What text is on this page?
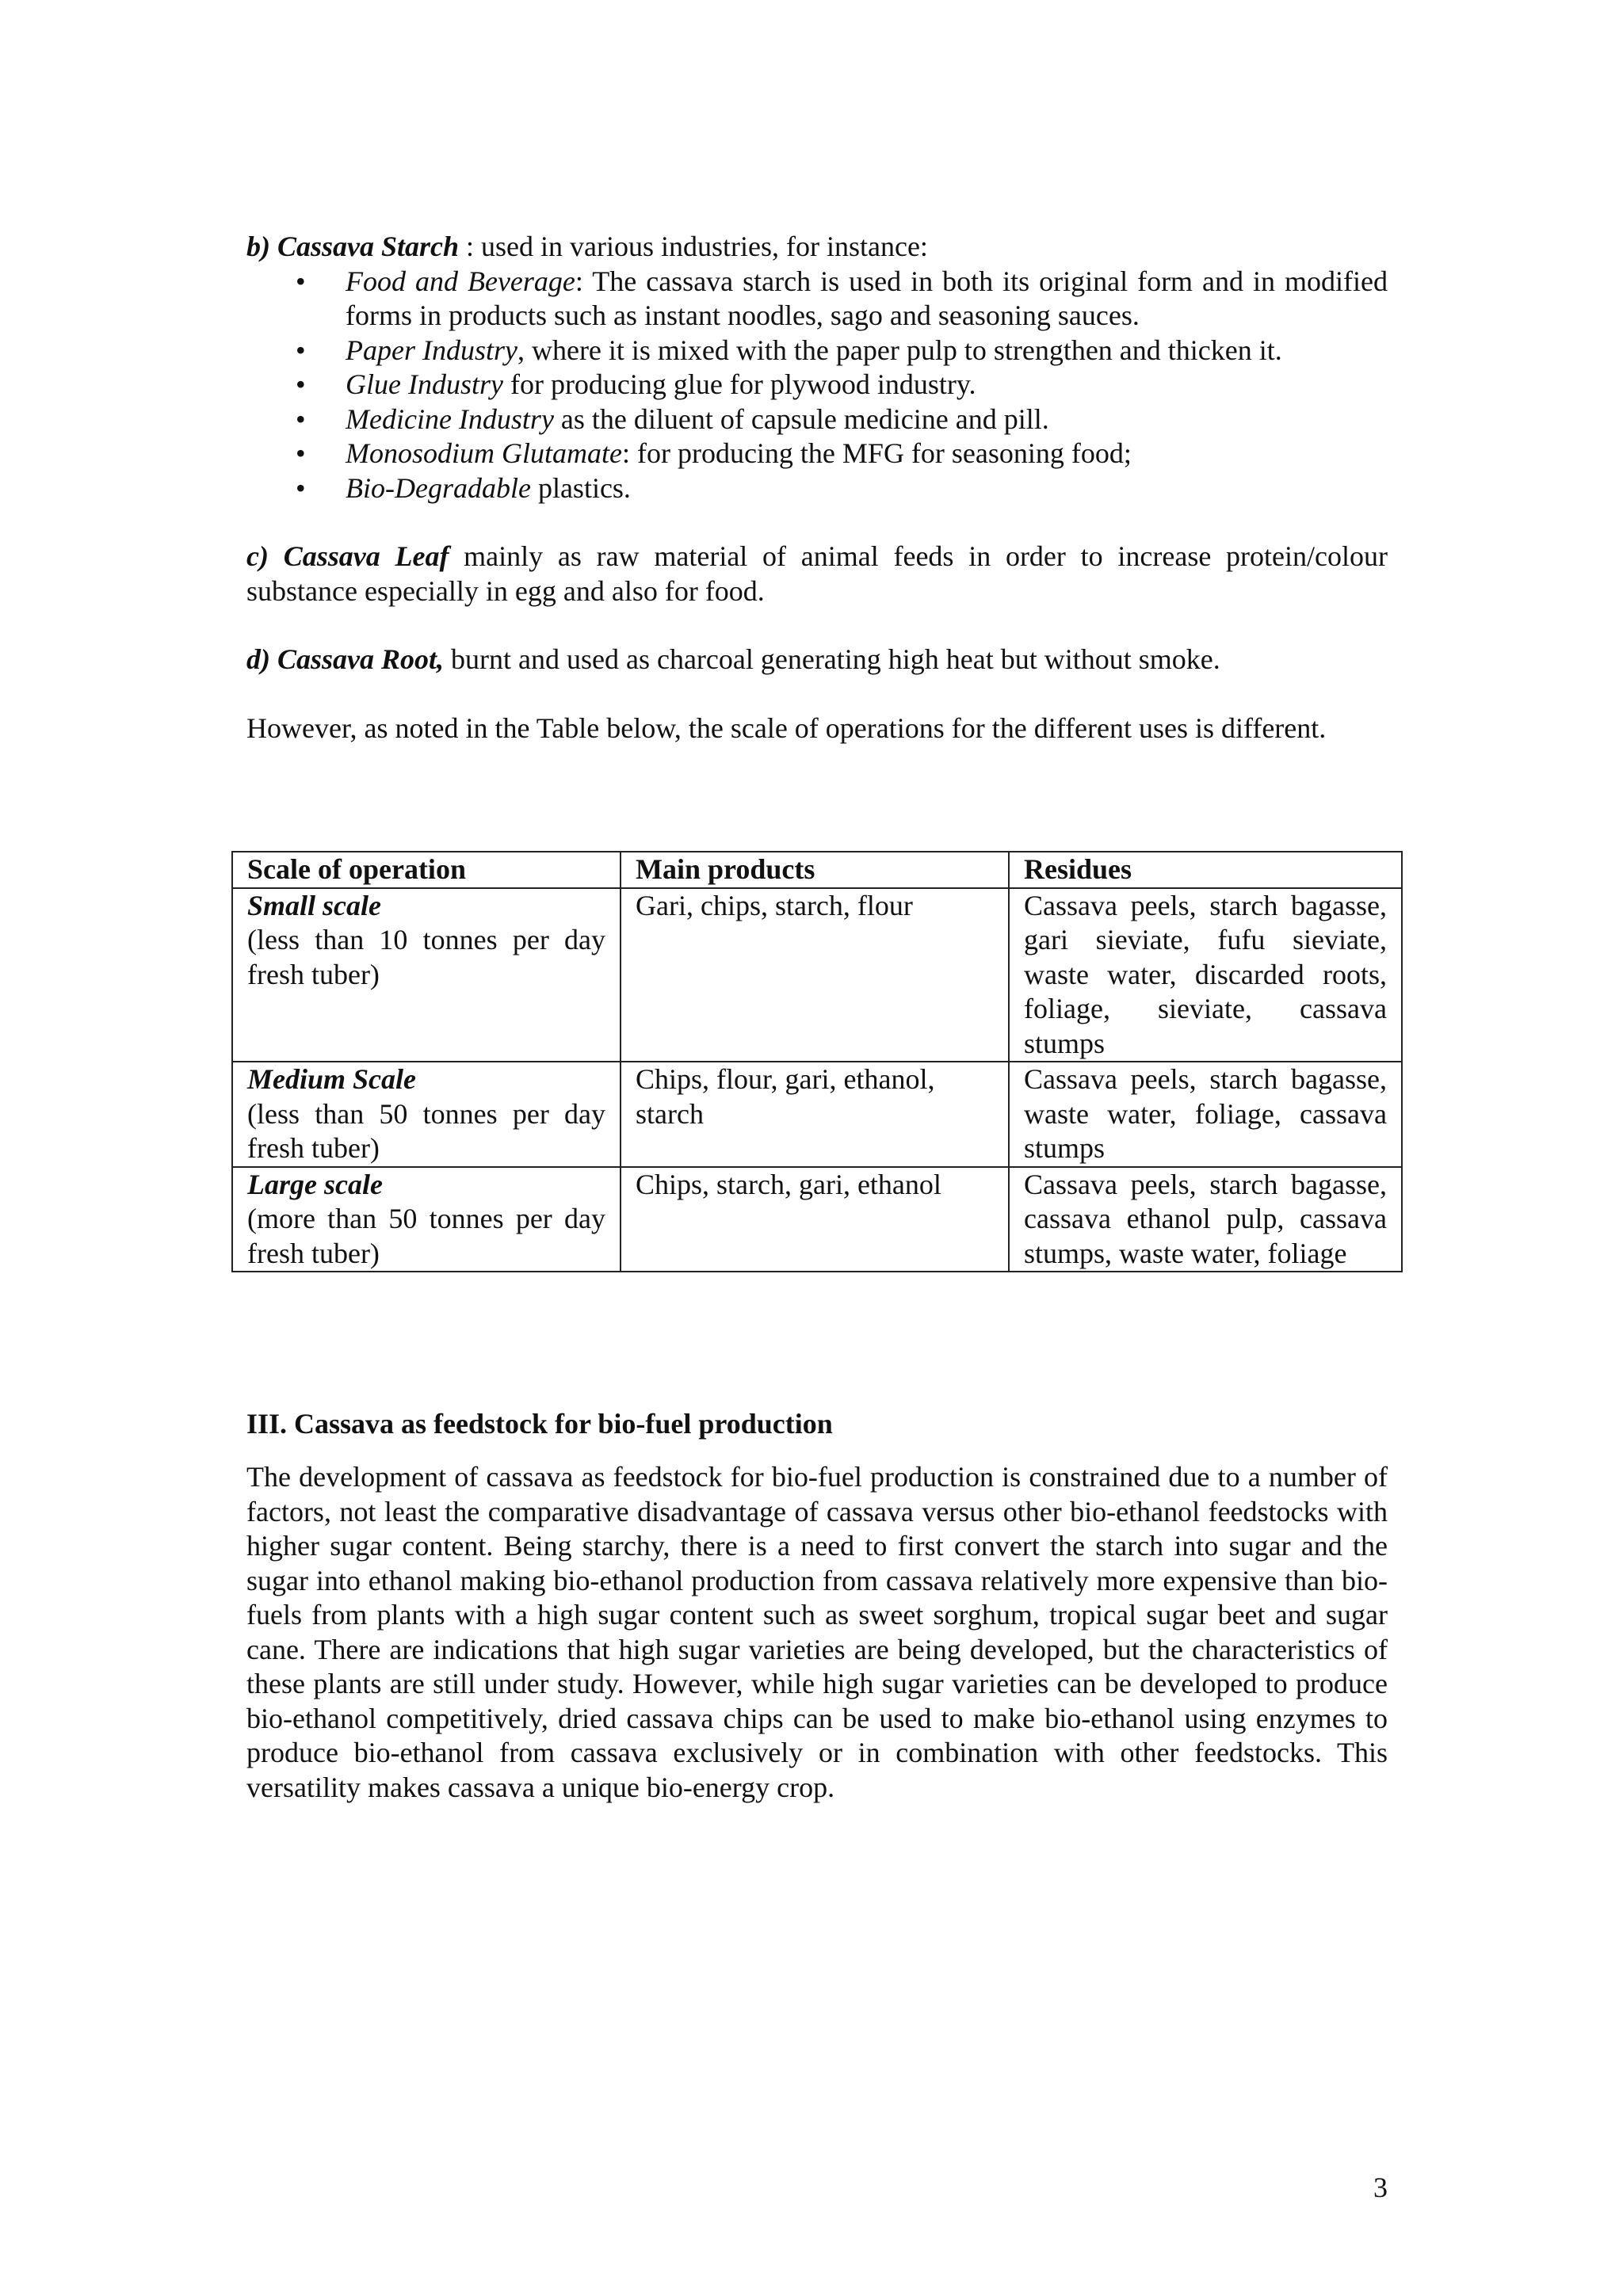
b) Cassava Starch : used in various industries, for instance:

• Food and Beverage: The cassava starch is used in both its original form and in modified forms in products such as instant noodles, sago and seasoning sauces.
• Paper Industry, where it is mixed with the paper pulp to strengthen and thicken it.
• Glue Industry for producing glue for plywood industry.
• Medicine Industry as the diluent of capsule medicine and pill.
• Monosodium Glutamate: for producing the MFG for seasoning food;
• Bio-Degradable plastics.

c) Cassava Leaf mainly as raw material of animal feeds in order to increase protein/colour substance especially in egg and also for food.

d) Cassava Root, burnt and used as charcoal generating high heat but without smoke.

However, as noted in the Table below, the scale of operations for the different uses is different.

Scale of operation	Main products	Residues

Small scale
(less than 10 tonnes per day fresh tuber)	Gari, chips, starch, flour	Cassava peels, starch bagasse, gari sieviate, fufu sieviate, waste water, discarded roots, foliage, sieviate, cassava stumps

Medium Scale
(less than 50 tonnes per day fresh tuber)	Chips, flour, gari, ethanol, starch	Cassava peels, starch bagasse, waste water, foliage, cassava stumps

Large scale
(more than 50 tonnes per day fresh tuber)	Chips, starch, gari, ethanol	Cassava peels, starch bagasse, cassava ethanol pulp, cassava stumps, waste water, foliage

III. Cassava as feedstock for bio-fuel production

The development of cassava as feedstock for bio-fuel production is constrained due to a number of factors, not least the comparative disadvantage of cassava versus other bio-ethanol feedstocks with higher sugar content. Being starchy, there is a need to first convert the starch into sugar and the sugar into ethanol making bio-ethanol production from cassava relatively more expensive than bio-fuels from plants with a high sugar content such as sweet sorghum, tropical sugar beet and sugar cane. There are indications that high sugar varieties are being developed, but the characteristics of these plants are still under study. However, while high sugar varieties can be developed to produce bio-ethanol competitively, dried cassava chips can be used to make bio-ethanol using enzymes to produce bio-ethanol from cassava exclusively or in combination with other feedstocks. This versatility makes cassava a unique bio-energy crop.

3
